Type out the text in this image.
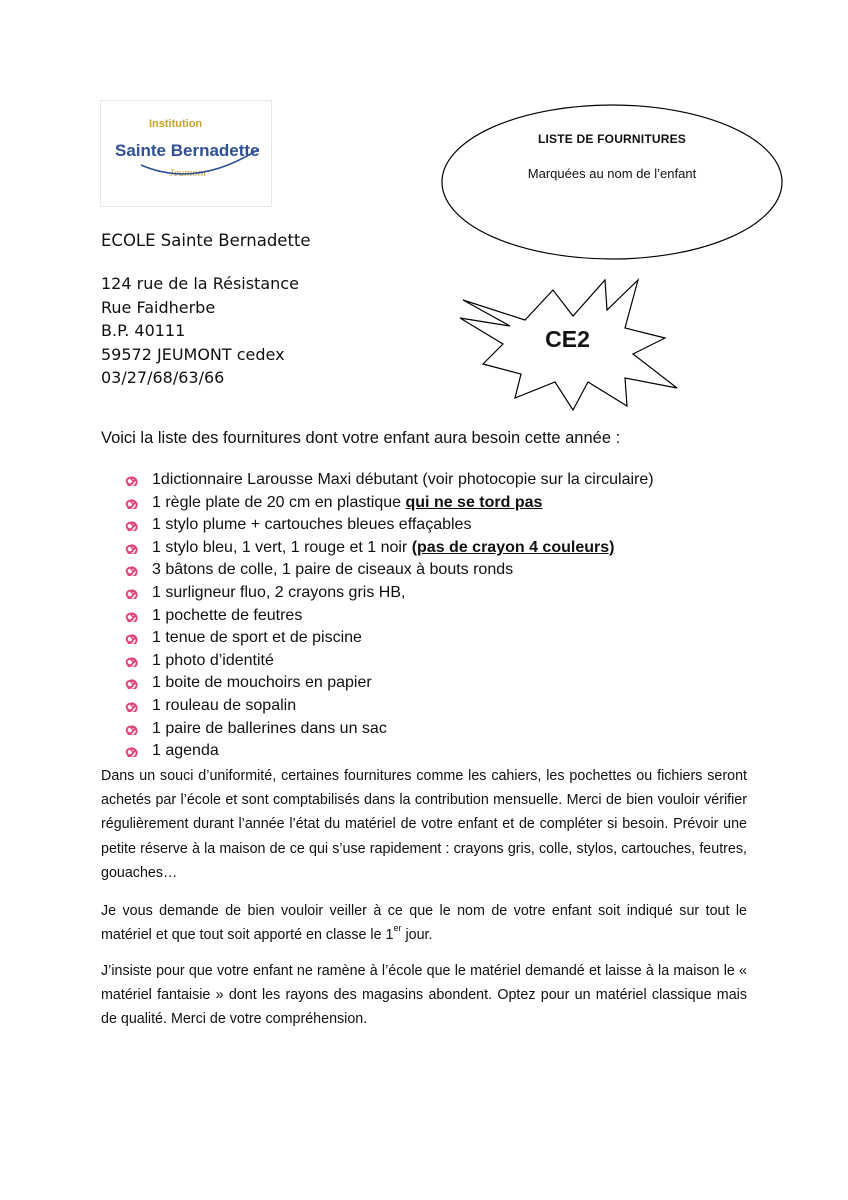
Institution
Sainte Bernadette
Jeumont
LISTE DE FOURNITURES
Marquées au nom de l’enfant
CE2
ECOLE Sainte Bernadette
124 rue de la Résistance
Rue Faidherbe
B.P. 40111
59572 JEUMONT cedex
03/27/68/63/66
Voici la liste des fournitures dont votre enfant aura besoin cette année :
1dictionnaire Larousse Maxi débutant (voir photocopie sur la circulaire)
1 règle plate de 20 cm en plastique qui ne se tord pas
1 stylo plume + cartouches bleues effaçables
1 stylo bleu, 1 vert, 1 rouge et 1 noir (pas de crayon 4 couleurs)
3 bâtons de colle, 1 paire de ciseaux à bouts ronds
1 surligneur fluo, 2 crayons gris HB,
1 pochette de feutres
1 tenue de sport et de piscine
1 photo d’identité
1 boite de mouchoirs en papier
1 rouleau de sopalin
1 paire de ballerines dans un sac
1 agenda
Dans un souci d’uniformité, certaines fournitures comme les cahiers, les pochettes ou fichiers seront achetés par l’école et sont comptabilisés dans la contribution mensuelle. Merci de bien vouloir vérifier régulièrement durant l’année l’état du matériel de votre enfant et de compléter si besoin. Prévoir une petite réserve à la maison de ce qui s’use rapidement : crayons gris, colle, stylos, cartouches, feutres, gouaches…
Je vous demande de bien vouloir veiller à ce que le nom de votre enfant soit indiqué sur tout le matériel et que tout soit apporté en classe le 1er jour.
J’insiste pour que votre enfant ne ramène à l’école que le matériel demandé et laisse à la maison le « matériel fantaisie » dont les rayons des magasins abondent. Optez pour un matériel classique mais de qualité. Merci de votre compréhension.
